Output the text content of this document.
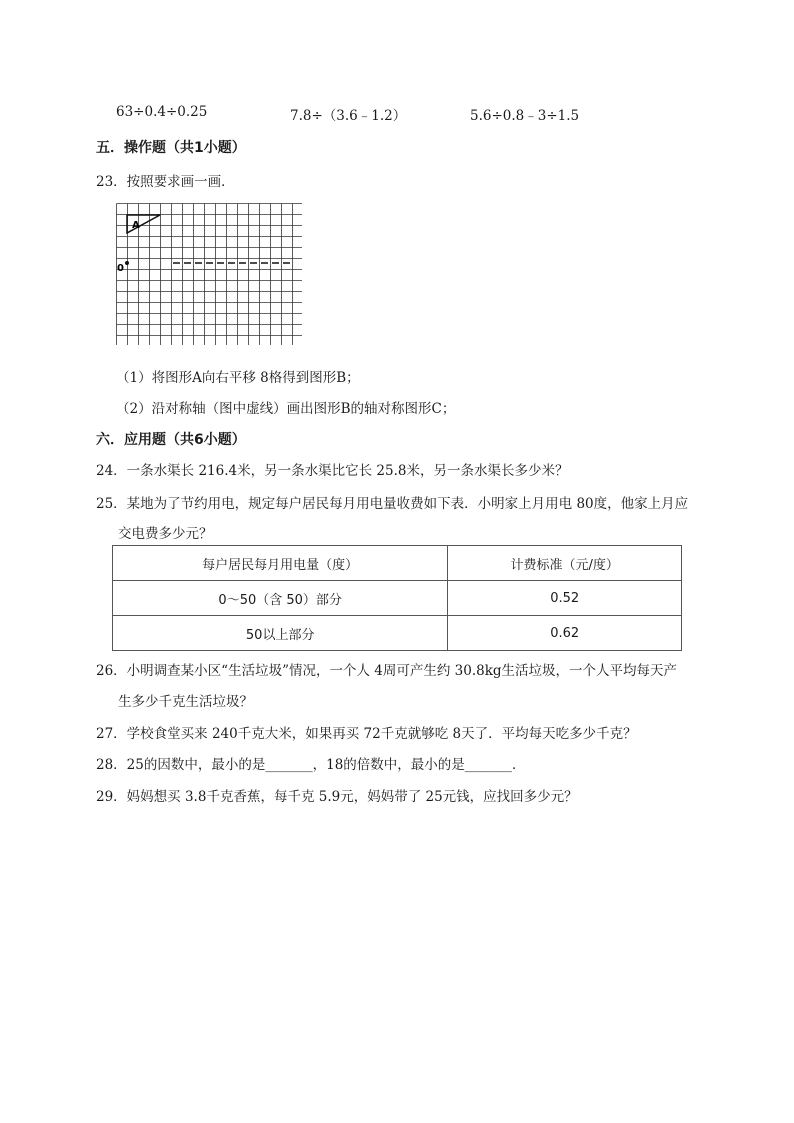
63÷0.4÷0.25	7.8÷（3.6﹣1.2）	5.6÷0.8﹣3÷1.5
五．操作题（共1小题）
23．按照要求画一画．
A
0
（1）将图形A向右平移 8格得到图形B；
（2）沿对称轴（图中虚线）画出图形B的轴对称图形C；
六．应用题（共6小题）
24．一条水渠长 216.4米，另一条水渠比它长 25.8米，另一条水渠长多少米？
25．某地为了节约用电，规定每户居民每月用电量收费如下表．小明家上月用电 80度，他家上月应
交电费多少元？
每户居民每月用电量（度）	计费标准（元/度）
0～50（含 50）部分	0.52
50以上部分	0.62
26．小明调查某小区“生活垃圾”情况，一个人 4周可产生约 30.8kg生活垃圾，一个人平均每天产
生多少千克生活垃圾？
27．学校食堂买来 240千克大米，如果再买 72千克就够吃 8天了．平均每天吃多少千克？
28．25的因数中，最小的是_______，18的倍数中，最小的是_______．
29．妈妈想买 3.8千克香蕉，每千克 5.9元，妈妈带了 25元钱，应找回多少元？
